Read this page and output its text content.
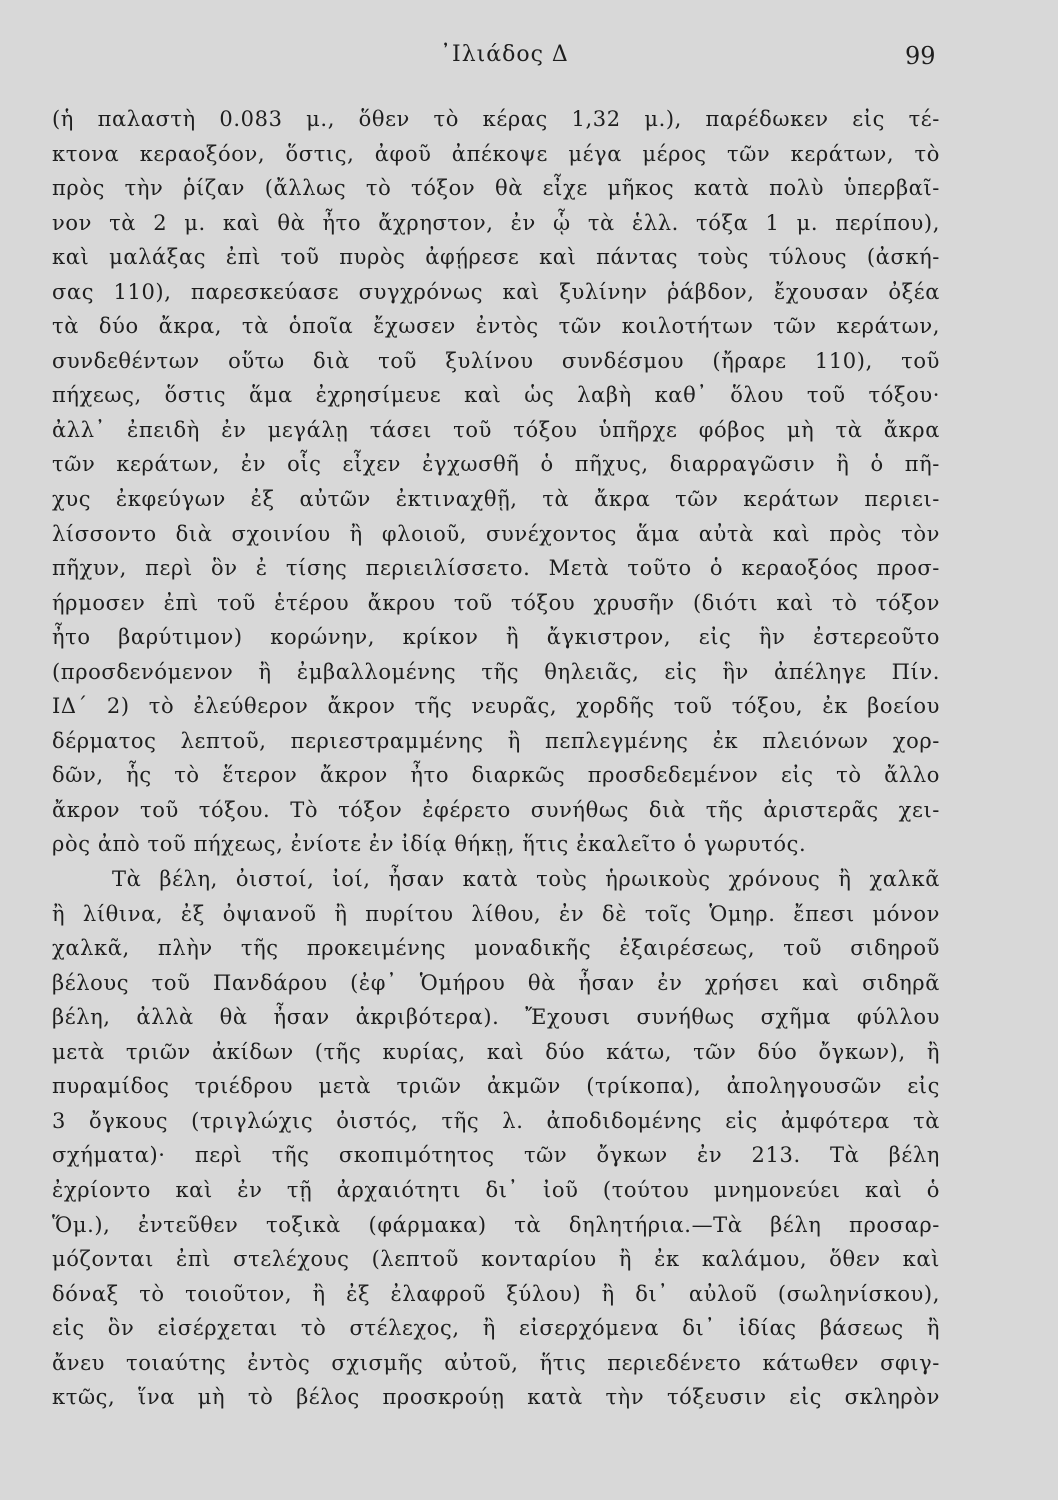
᾿Ιλιάδος Δ	99
(ἡ παλαστὴ 0.083 μ., ὅθεν τὸ κέρας 1,32 μ.), παρέδωκεν εἰς τέ-
κτονα κεραοξόον, ὅστις, ἀφοῦ ἀπέκοψε μέγα μέρος τῶν κεράτων, τὸ
πρὸς τὴν ῥίζαν (ἄλλως τὸ τόξον θὰ εἶχε μῆκος κατὰ πολὺ ὑπερβαῖ-
νον τὰ 2 μ. καὶ θὰ ἦτο ἄχρηστον, ἐν ᾧ τὰ ἑλλ. τόξα 1 μ. περίπου),
καὶ μαλάξας ἐπὶ τοῦ πυρὸς ἀφῄρεσε καὶ πάντας τοὺς τύλους (ἀσκή-
σας 110), παρεσκεύασε συγχρόνως καὶ ξυλίνην ῥάβδον, ἔχουσαν ὀξέα
τὰ δύο ἄκρα, τὰ ὁποῖα ἔχωσεν ἐντὸς τῶν κοιλοτήτων τῶν κεράτων,
συνδεθέντων οὕτω διὰ τοῦ ξυλίνου συνδέσμου (ἤραρε 110), τοῦ
πήχεως, ὅστις ἅμα ἐχρησίμευε καὶ ὡς λαβὴ καθ᾿ ὅλου τοῦ τόξου·
ἀλλ᾿ ἐπειδὴ ἐν μεγάλῃ τάσει τοῦ τόξου ὑπῆρχε φόβος μὴ τὰ ἄκρα
τῶν κεράτων, ἐν οἷς εἶχεν ἐγχωσθῆ ὁ πῆχυς, διαρραγῶσιν ἢ ὁ πῆ-
χυς ἐκφεύγων ἐξ αὐτῶν ἐκτιναχθῇ, τὰ ἄκρα τῶν κεράτων περιει-
λίσσοντο διὰ σχοινίου ἢ φλοιοῦ, συνέχοντος ἅμα αὐτὰ καὶ πρὸς τὸν
πῆχυν, περὶ ὃν ἐ τίσης περιειλίσσετο. Μετὰ τοῦτο ὁ κεραοξόος προσ-
ήρμοσεν ἐπὶ τοῦ ἑτέρου ἄκρου τοῦ τόξου χρυσῆν (διότι καὶ τὸ τόξον
ἦτο βαρύτιμον) κορώνην, κρίκον ἢ ἄγκιστρον, εἰς ἣν ἐστερεοῦτο
(προσδενόμενον ἢ ἐμβαλλομένης τῆς θηλειᾶς, εἰς ἣν ἀπέληγε Πίν.
ΙΔ΄ 2) τὸ ἐλεύθερον ἄκρον τῆς νευρᾶς, χορδῆς τοῦ τόξου, ἐκ βοείου
δέρματος λεπτοῦ, περιεστραμμένης ἢ πεπλεγμένης ἐκ πλειόνων χορ-
δῶν, ἧς τὸ ἕτερον ἄκρον ἦτο διαρκῶς προσδεδεμένον εἰς τὸ ἄλλο
ἄκρον τοῦ τόξου. Τὸ τόξον ἐφέρετο συνήθως διὰ τῆς ἀριστερᾶς χει-
ρὸς ἀπὸ τοῦ πήχεως, ἐνίοτε ἐν ἰδίᾳ θήκῃ, ἥτις ἐκαλεῖτο ὁ γωρυτός.
Τὰ βέλη, ὀιστοί, ἰοί, ἦσαν κατὰ τοὺς ἡρωικοὺς χρόνους ἢ χαλκᾶ
ἢ λίθινα, ἐξ ὀψιανοῦ ἢ πυρίτου λίθου, ἐν δὲ τοῖς Ὁμηρ. ἔπεσι μόνον
χαλκᾶ, πλὴν τῆς προκειμένης μοναδικῆς ἐξαιρέσεως, τοῦ σιδηροῦ
βέλους τοῦ Πανδάρου (ἐφ᾿ Ὁμήρου θὰ ἦσαν ἐν χρήσει καὶ σιδηρᾶ
βέλη, ἀλλὰ θὰ ἦσαν ἀκριβότερα). Ἔχουσι συνήθως σχῆμα φύλλου
μετὰ τριῶν ἀκίδων (τῆς κυρίας, καὶ δύο κάτω, τῶν δύο ὄγκων), ἢ
πυραμίδος τριέδρου μετὰ τριῶν ἀκμῶν (τρίκοπα), ἀποληγουσῶν εἰς
3 ὄγκους (τριγλώχις ὀιστός, τῆς λ. ἀποδιδομένης εἰς ἀμφότερα τὰ
σχήματα)· περὶ τῆς σκοπιμότητος τῶν ὄγκων ἐν 213. Τὰ βέλη
ἐχρίοντο καὶ ἐν τῇ ἀρχαιότητι δι᾿ ἰοῦ (τούτου μνημονεύει καὶ ὁ
Ὅμ.), ἐντεῦθεν τοξικὰ (φάρμακα) τὰ δηλητήρια.—Τὰ βέλη προσαρ-
μόζονται ἐπὶ στελέχους (λεπτοῦ κονταρίου ἢ ἐκ καλάμου, ὅθεν καὶ
δόναξ τὸ τοιοῦτον, ἢ ἐξ ἐλαφροῦ ξύλου) ἢ δι᾿ αὐλοῦ (σωληνίσκου),
εἰς ὃν εἰσέρχεται τὸ στέλεχος, ἢ εἰσερχόμενα δι᾿ ἰδίας βάσεως ἢ
ἄνευ τοιαύτης ἐντὸς σχισμῆς αὐτοῦ, ἥτις περιεδένετο κάτωθεν σφιγ-
κτῶς, ἵνα μὴ τὸ βέλος προσκρούῃ κατὰ τὴν τόξευσιν εἰς σκληρὸν
